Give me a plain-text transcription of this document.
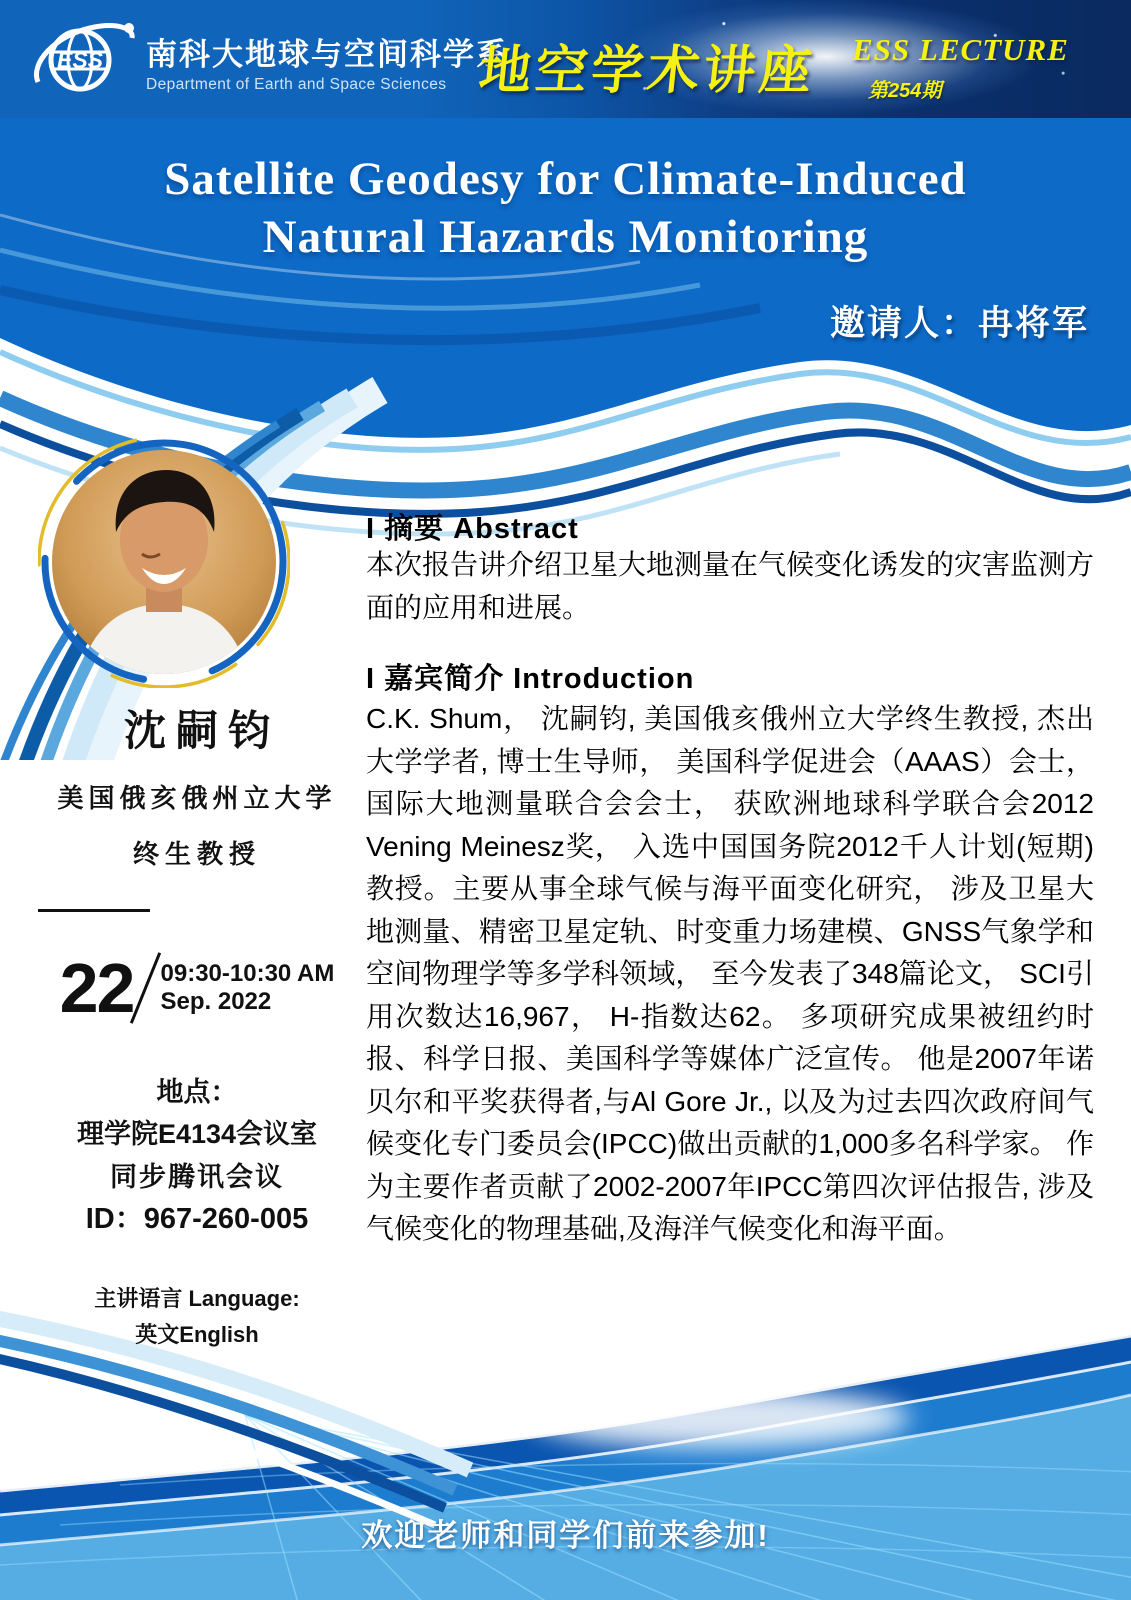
ESS 南科大地球与空间科学系
Department of Earth and Space Sciences 地空学术讲座 ESS LECTURE
第254期
Satellite Geodesy for Climate-Induced
Natural Hazards Monitoring
邀请人：冉将军
沈嗣钧
美国俄亥俄州立大学
终生教授
22 09:30-10:30 AM
Sep. 2022
地点：
理学院E4134会议室
同步腾讯会议
ID：967-260-005
主讲语言 Language:
英文English
I 摘要 Abstract
本次报告讲介绍卫星大地测量在气候变化诱发的灾害监测方面的应用和进展。
I 嘉宾简介 Introduction
C.K. Shum， 沈嗣钧, 美国俄亥俄州立大学终生教授, 杰出大学学者, 博士生导师， 美国科学促进会（AAAS）会士， 国际大地测量联合会会士， 获欧洲地球科学联合会2012 Vening Meinesz奖， 入选中国国务院2012千人计划(短期)教授。主要从事全球气候与海平面变化研究， 涉及卫星大地测量、精密卫星定轨、时变重力场建模、GNSS气象学和空间物理学等多学科领域， 至今发表了348篇论文， SCI引用次数达16,967， H-指数达62。 多项研究成果被纽约时报、科学日报、美国科学等媒体广泛宣传。 他是2007年诺贝尔和平奖获得者,与Al Gore Jr., 以及为过去四次政府间气候变化专门委员会(IPCC)做出贡献的1,000多名科学家。 作为主要作者贡献了2002-2007年IPCC第四次评估报告, 涉及气候变化的物理基础,及海洋气候变化和海平面。
欢迎老师和同学们前来参加!
